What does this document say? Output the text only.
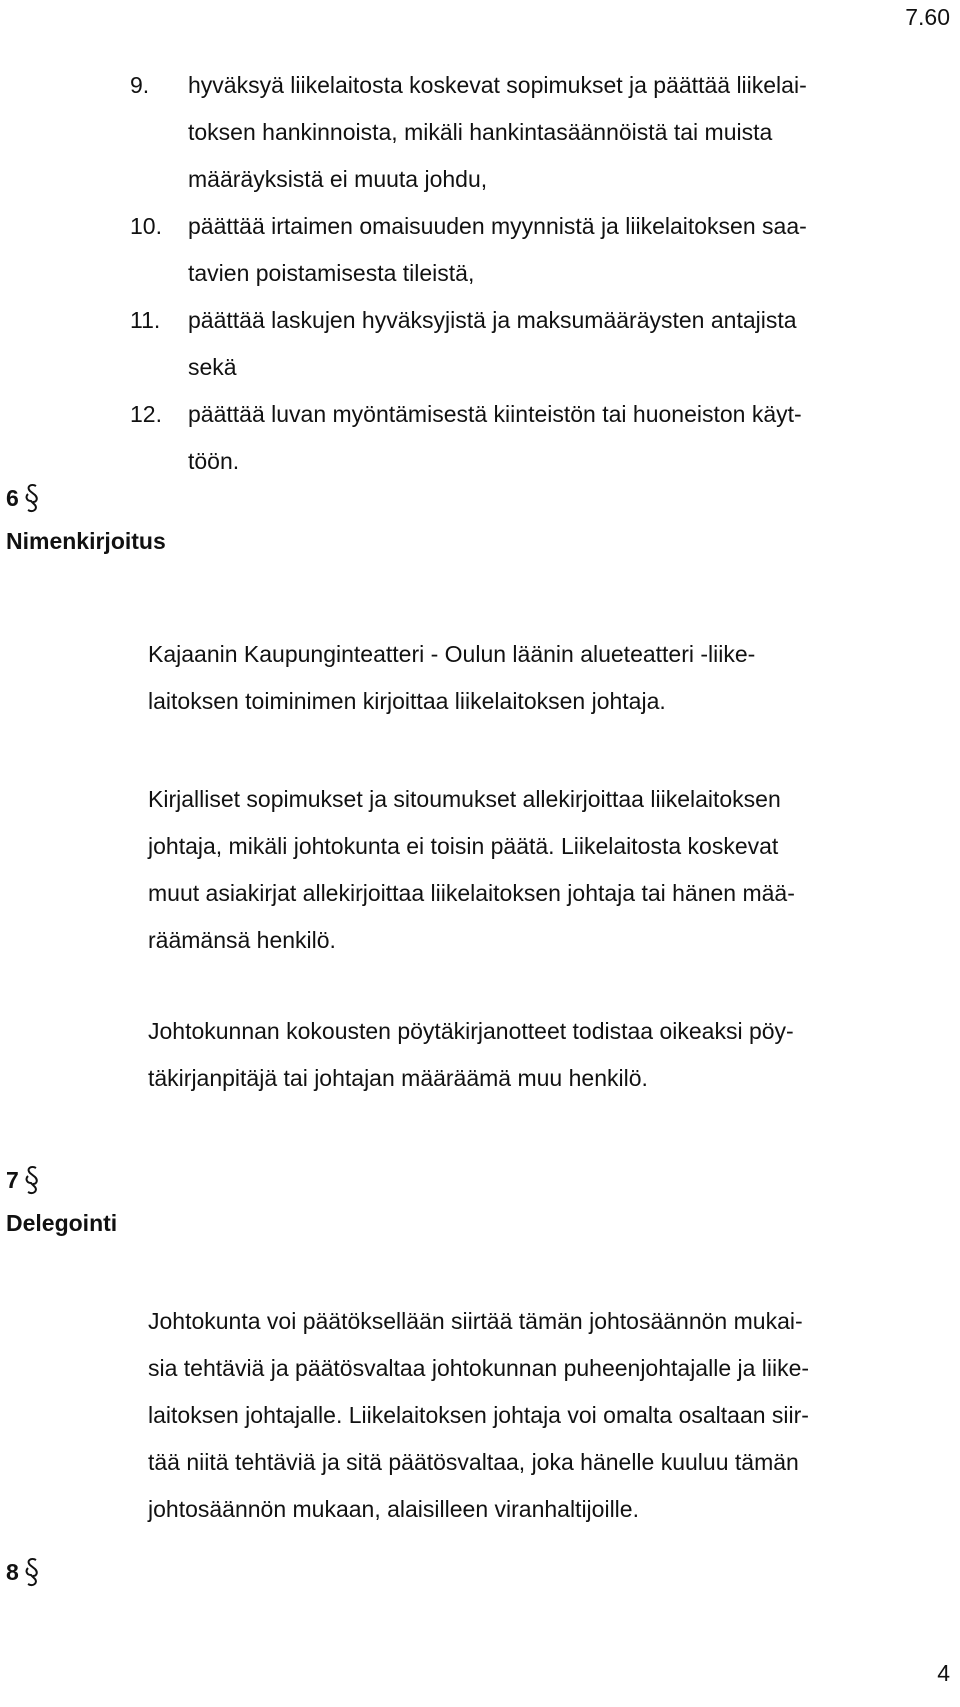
7.60
9. hyväksyä liikelaitosta koskevat sopimukset ja päättää liikelai-
toksen hankinnoista, mikäli hankintasäännöistä tai muista
määräyksistä ei muuta johdu,
10. päättää irtaimen omaisuuden myynnistä ja liikelaitoksen saa-
tavien poistamisesta tileistä,
11. päättää laskujen hyväksyjistä ja maksumääräysten antajista
sekä
12. päättää luvan myöntämisestä kiinteistön tai huoneiston käyt-
töön.
6
Nimenkirjoitus
Kajaanin Kaupunginteatteri - Oulun läänin alueteatteri -liike-
laitoksen toiminimen kirjoittaa liikelaitoksen johtaja.
Kirjalliset sopimukset ja sitoumukset allekirjoittaa liikelaitoksen
johtaja, mikäli johtokunta ei toisin päätä. Liikelaitosta koskevat
muut asiakirjat allekirjoittaa liikelaitoksen johtaja tai hänen mää-
räämänsä henkilö.
Johtokunnan kokousten pöytäkirjanotteet todistaa oikeaksi pöy-
täkirjanpitäjä tai johtajan määräämä muu henkilö.
7
Delegointi
Johtokunta voi päätöksellään siirtää tämän johtosäännön mukai-
sia tehtäviä ja päätösvaltaa johtokunnan puheenjohtajalle ja liike-
laitoksen johtajalle. Liikelaitoksen johtaja voi omalta osaltaan siir-
tää niitä tehtäviä ja sitä päätösvaltaa, joka hänelle kuuluu tämän
johtosäännön mukaan, alaisilleen viranhaltijoille.
8
4
